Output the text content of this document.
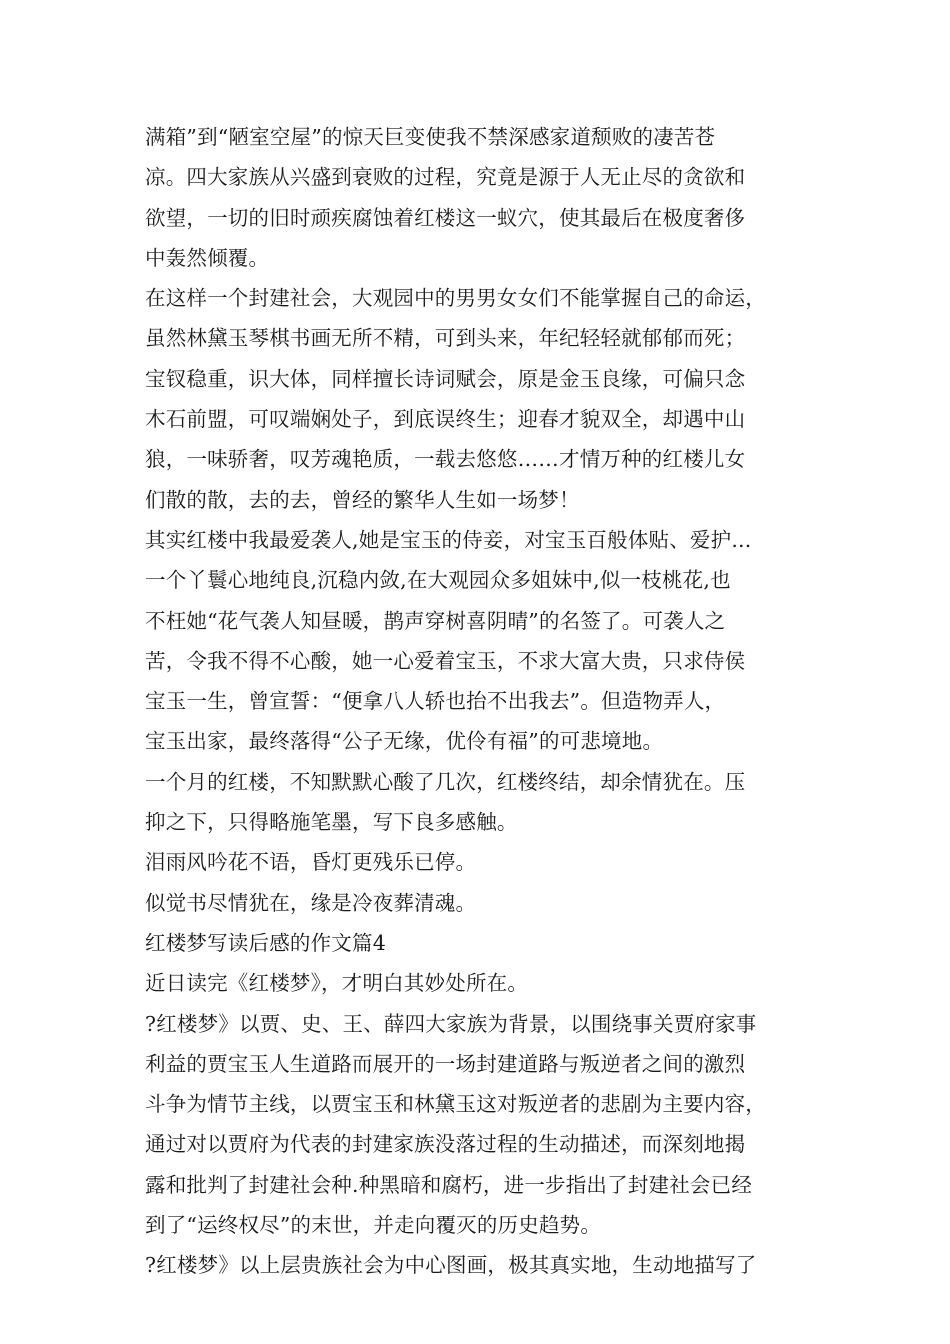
满箱”到“陋室空屋”的惊天巨变使我不禁深感家道颓败的凄苦苍
凉。四大家族从兴盛到衰败的过程，究竟是源于人无止尽的贪欲和
欲望，一切的旧时顽疾腐蚀着红楼这一蚁穴，使其最后在极度奢侈
中轰然倾覆。
在这样一个封建社会，大观园中的男男女女们不能掌握自己的命运，
虽然林黛玉琴棋书画无所不精，可到头来，年纪轻轻就郁郁而死；
宝钗稳重，识大体，同样擅长诗词赋会，原是金玉良缘，可偏只念
木石前盟，可叹端娴处子，到底误终生；迎春才貌双全，却遇中山
狼，一味骄奢，叹芳魂艳质，一载去悠悠……才情万种的红楼儿女
们散的散，去的去，曾经的繁华人生如一场梦！
其实红楼中我最爱袭人,她是宝玉的侍妾，对宝玉百般体贴、爱护...
一个丫鬟心地纯良,沉稳内敛,在大观园众多姐妹中,似一枝桃花,也
不枉她“花气袭人知昼暖，鹊声穿树喜阴晴”的名签了。可袭人之
苦，令我不得不心酸，她一心爱着宝玉，不求大富大贵，只求侍侯
宝玉一生，曾宣誓：“便拿八人轿也抬不出我去”。但造物弄人，
宝玉出家，最终落得“公子无缘，优伶有福”的可悲境地。
一个月的红楼，不知默默心酸了几次，红楼终结，却余情犹在。压
抑之下，只得略施笔墨，写下良多感触。
泪雨风吟花不语，昏灯更残乐已停。
似觉书尽情犹在，缘是冷夜葬清魂。
红楼梦写读后感的作文篇4
近日读完《红楼梦》，才明白其妙处所在。
?红楼梦》以贾、史、王、薛四大家族为背景，以围绕事关贾府家事
利益的贾宝玉人生道路而展开的一场封建道路与叛逆者之间的激烈
斗争为情节主线，以贾宝玉和林黛玉这对叛逆者的悲剧为主要内容，
通过对以贾府为代表的封建家族没落过程的生动描述，而深刻地揭
露和批判了封建社会种.种黑暗和腐朽，进一步指出了封建社会已经
到了“运终权尽”的末世，并走向覆灭的历史趋势。
?红楼梦》以上层贵族社会为中心图画，极其真实地，生动地描写了
